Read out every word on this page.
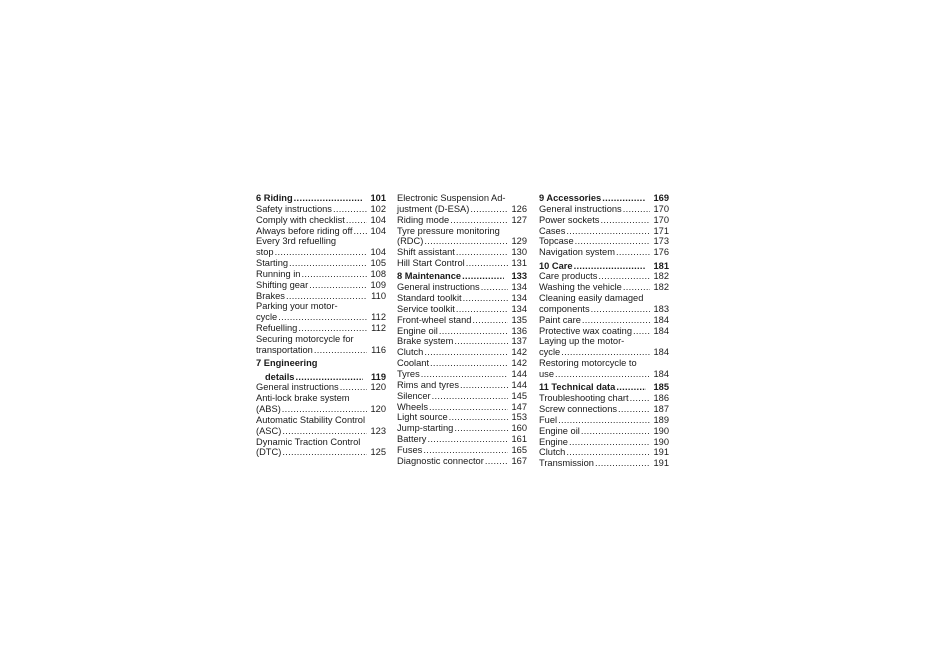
6 Riding .....	101
Safety instructions .....	102
Comply with checklist .....	104
Always before riding off ..... 104
Every 3rd refuelling
stop .....	104
Starting .....	105
Running in .....	108
Shifting gear .....	109
Brakes .....	110
Parking your motor-
cycle .....	112
Refuelling .....	112
Securing motorcycle for
transportation .....	116
7 Engineering
details .....	119
General instructions .....	120
Anti-lock brake system
(ABS) .....	120
Automatic Stability Control
(ASC) .....	123
Dynamic Traction Control
(DTC) .....	125
Electronic Suspension Ad-
justment (D-ESA) .....	126
Riding mode .....	127
Tyre pressure monitoring
(RDC) .....	129
Shift assistant .....	130
Hill Start Control .....	131
8 Maintenance .....	133
General instructions .....	134
Standard toolkit .....	134
Service toolkit .....	134
Front-wheel stand .....	135
Engine oil .....	136
Brake system .....	137
Clutch .....	142
Coolant .....	142
Tyres .....	144
Rims and tyres .....	144
Silencer .....	145
Wheels .....	147
Light source .....	153
Jump-starting .....	160
Battery .....	161
Fuses .....	165
Diagnostic connector .....	167
9 Accessories .....	169
General instructions .....	170
Power sockets .....	170
Cases .....	171
Topcase .....	173
Navigation system .....	176
10 Care .....	181
Care products .....	182
Washing the vehicle .....	182
Cleaning easily damaged
components .....	183
Paint care .....	184
Protective wax coating ..... 184
Laying up the motor-
cycle .....	184
Restoring motorcycle to
use .....	184
11 Technical data .....	185
Troubleshooting chart .....	186
Screw connections .....	187
Fuel .....	189
Engine oil .....	190
Engine .....	190
Clutch .....	191
Transmission .....	191
